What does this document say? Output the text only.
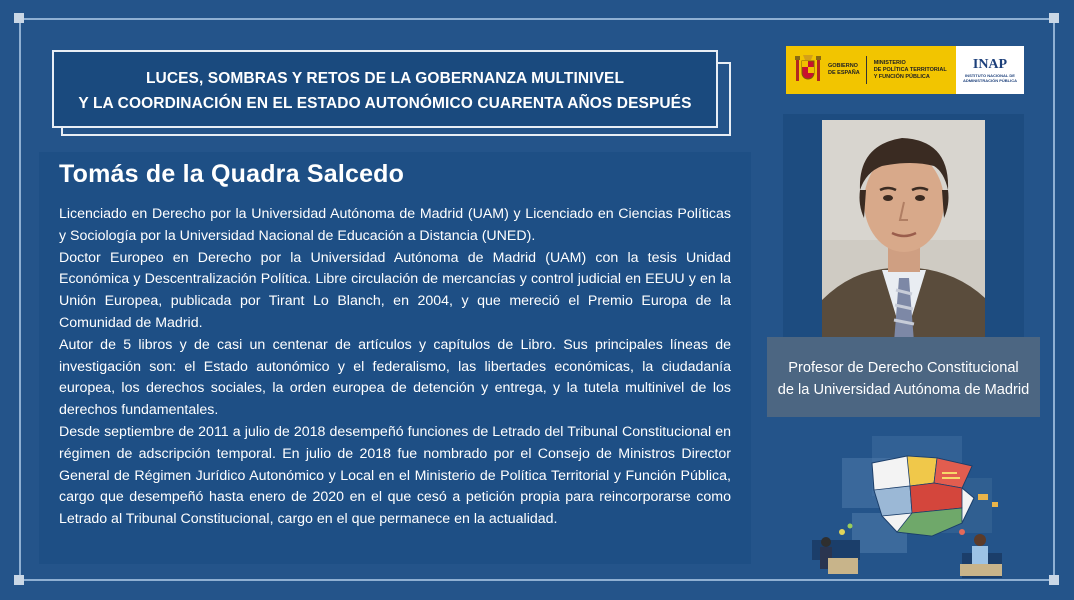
LUCES, SOMBRAS Y RETOS DE LA GOBERNANZA MULTINIVEL
Y LA COORDINACIÓN EN EL ESTADO AUTONÓMICO CUARENTA AÑOS DESPUÉS
Tomás de la Quadra Salcedo

Licenciado en Derecho por la Universidad Autónoma de Madrid (UAM) y Licenciado en Ciencias Políticas y Sociología por la Universidad Nacional de Educación a Distancia (UNED).

Doctor Europeo en Derecho por la Universidad Autónoma de Madrid (UAM) con la tesis Unidad Económica y Descentralización Política. Libre circulación de mercancías y control judicial en EEUU y en la Unión Europea, publicada por Tirant Lo Blanch, en 2004, y que mereció el Premio Europa de la Comunidad de Madrid.

Autor de 5 libros y de casi un centenar de artículos y capítulos de Libro. Sus principales líneas de investigación son: el Estado autonómico y el federalismo, las libertades económicas, la ciudadanía europea, los derechos sociales, la orden europea de detención y entrega, y la tutela multinivel de los derechos fundamentales.

Desde septiembre de 2011 a julio de 2018 desempeñó funciones de Letrado del Tribunal Constitucional en régimen de adscripción temporal. En julio de 2018 fue nombrado por el Consejo de Ministros Director General de Régimen Jurídico Autonómico y Local en el Ministerio de Política Territorial y Función Pública, cargo que desempeñó hasta enero de 2020 en el que cesó a petición propia para reincorporarse como Letrado al Tribunal Constitucional, cargo en el que permanece en la actualidad.

GOBIERNO
DE ESPAÑA
MINISTERIO
DE POLÍTICA TERRITORIAL
Y FUNCIÓN PÚBLICA
INAP
INSTITUTO NACIONAL DE
ADMINISTRACIÓN PÚBLICA
Profesor de Derecho Constitucional
de la Universidad Autónoma de Madrid
